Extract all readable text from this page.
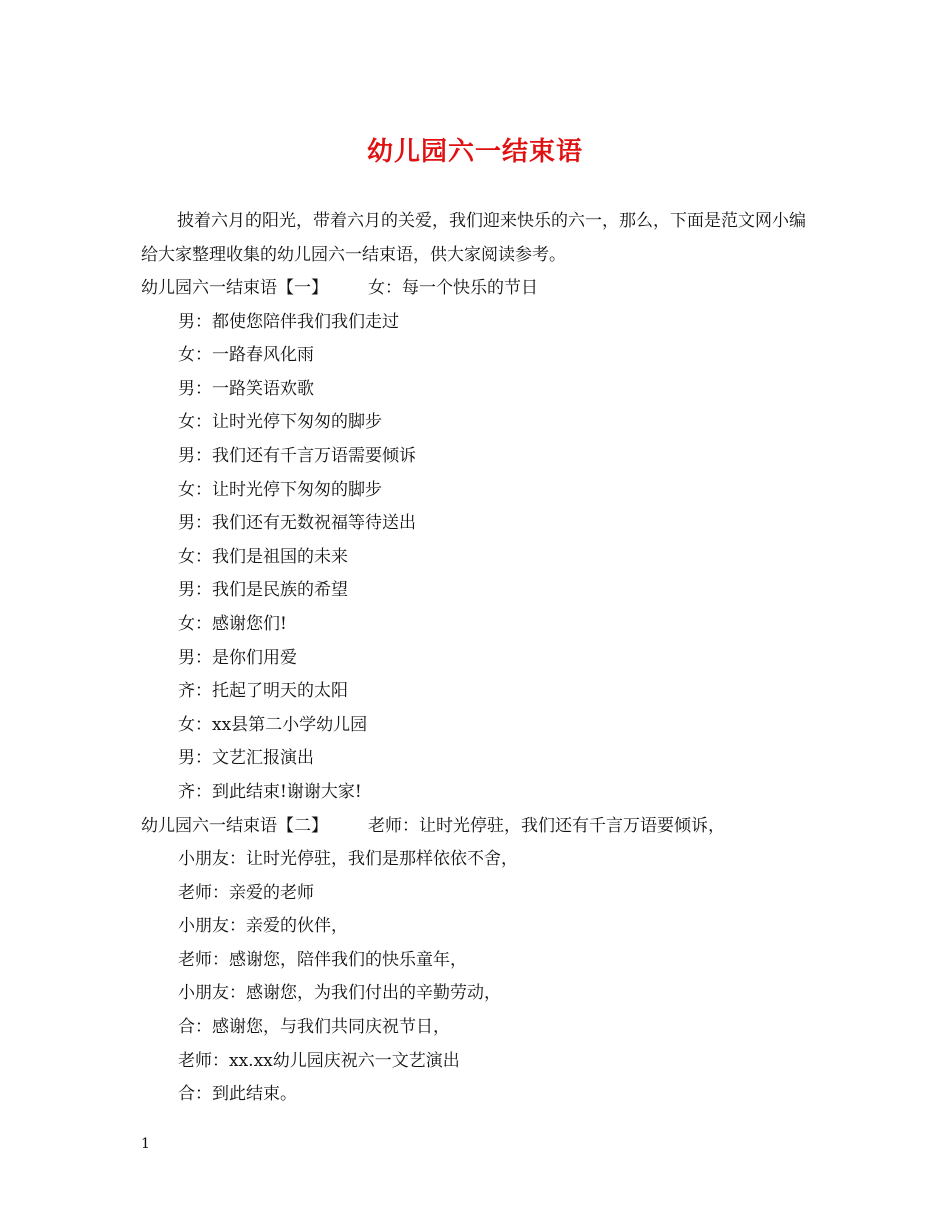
幼儿园六一结束语

披着六月的阳光，带着六月的关爱，我们迎来快乐的六一，那么，下面是范文网小编给大家整理收集的幼儿园六一结束语，供大家阅读参考。

幼儿园六一结束语【一】 女：每一个快乐的节日
男：都使您陪伴我们我们走过
女：一路春风化雨
男：一路笑语欢歌
女：让时光停下匆匆的脚步
男：我们还有千言万语需要倾诉
女：让时光停下匆匆的脚步
男：我们还有无数祝福等待送出
女：我们是祖国的未来
男：我们是民族的希望
女：感谢您们!
男：是你们用爱
齐：托起了明天的太阳
女：xx县第二小学幼儿园
男：文艺汇报演出
齐：到此结束!谢谢大家!
幼儿园六一结束语【二】 老师：让时光停驻，我们还有千言万语要倾诉，
小朋友：让时光停驻，我们是那样依依不舍，
老师：亲爱的老师
小朋友：亲爱的伙伴，
老师：感谢您，陪伴我们的快乐童年，
小朋友：感谢您，为我们付出的辛勤劳动，
合：感谢您，与我们共同庆祝节日，
老师：xx.xx幼儿园庆祝六一文艺演出
合：到此结束。
1
